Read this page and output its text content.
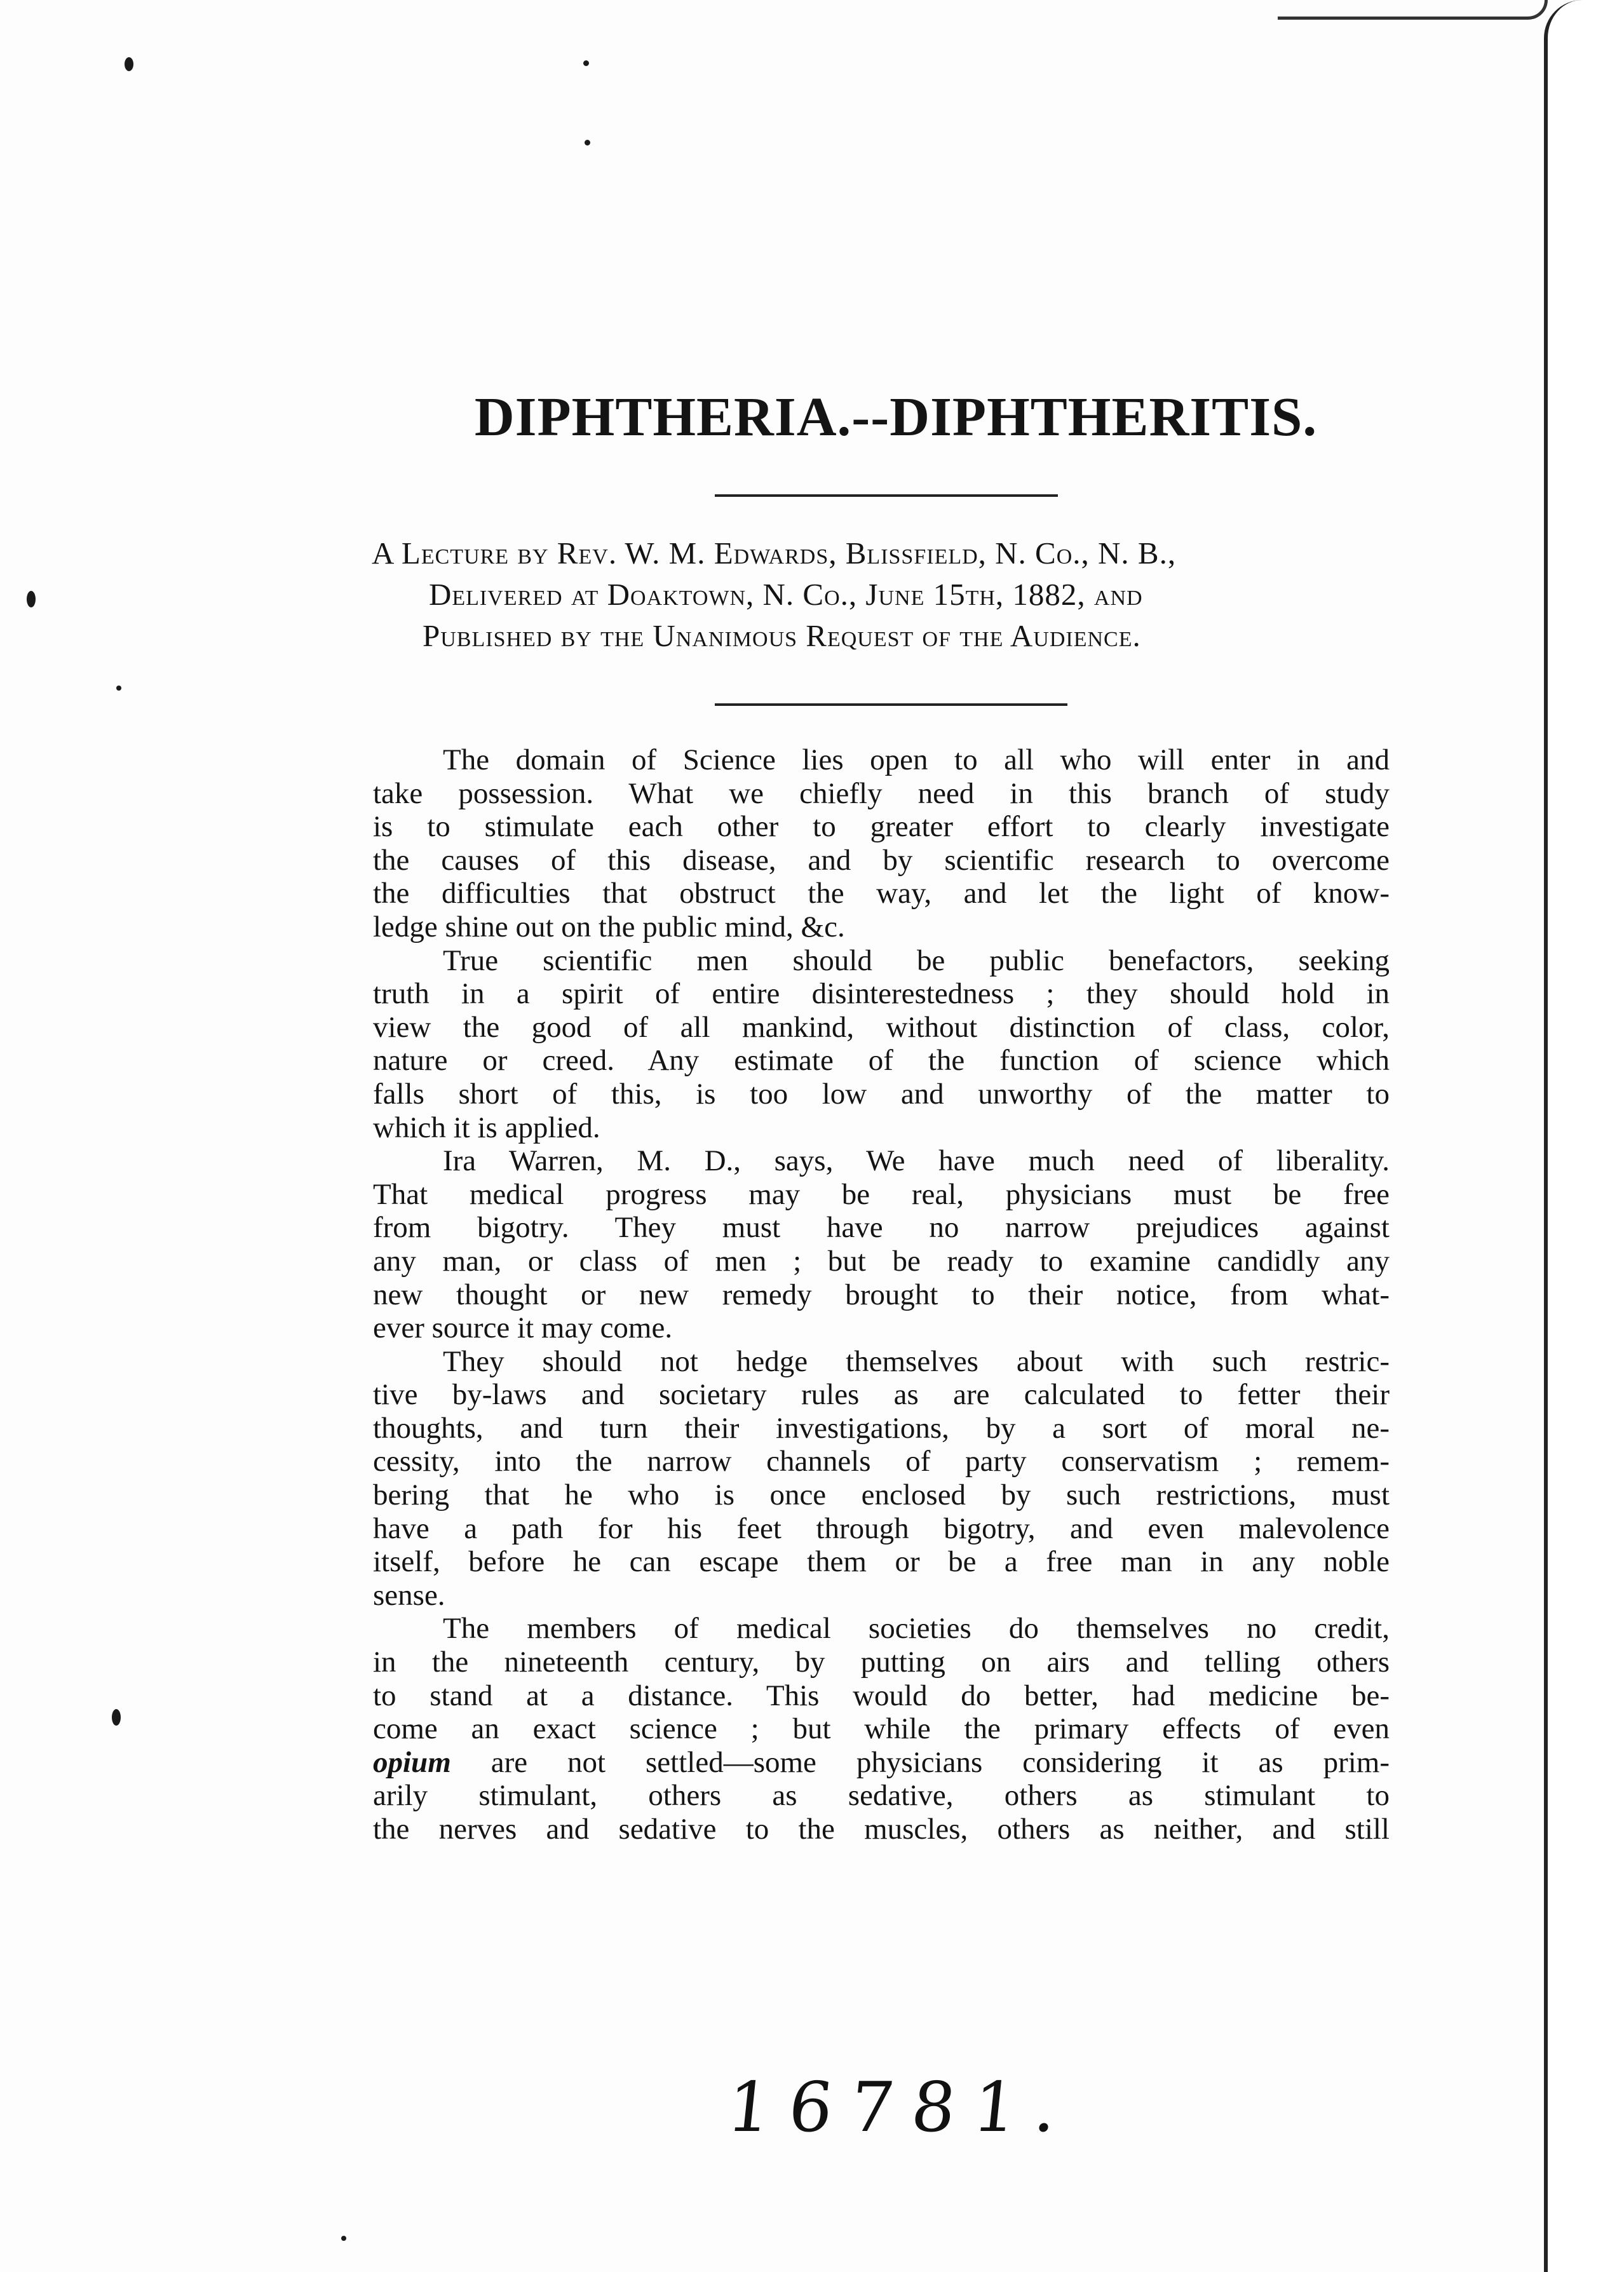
DIPHTHERIA.--DIPHTHERITIS.
A Lecture by Rev. W. M. Edwards, Blissfield, N. Co., N. B.,
Delivered at Doaktown, N. Co., June 15th, 1882, and
Published by the Unanimous Request of the Audience.
The domain of Science lies open to all who will enter in and
take possession. What we chiefly need in this branch of study
is to stimulate each other to greater effort to clearly investigate
the causes of this disease, and by scientific research to overcome
the difficulties that obstruct the way, and let the light of know-
ledge shine out on the public mind, &c.
True scientific men should be public benefactors, seeking
truth in a spirit of entire disinterestedness ; they should hold in
view the good of all mankind, without distinction of class, color,
nature or creed. Any estimate of the function of science which
falls short of this, is too low and unworthy of the matter to
which it is applied.
Ira Warren, M. D., says, We have much need of liberality.
That medical progress may be real, physicians must be free
from bigotry. They must have no narrow prejudices against
any man, or class of men ; but be ready to examine candidly any
new thought or new remedy brought to their notice, from what-
ever source it may come.
They should not hedge themselves about with such restric-
tive by-laws and societary rules as are calculated to fetter their
thoughts, and turn their investigations, by a sort of moral ne-
cessity, into the narrow channels of party conservatism ; remem-
bering that he who is once enclosed by such restrictions, must
have a path for his feet through bigotry, and even malevolence
itself, before he can escape them or be a free man in any noble
sense.
The members of medical societies do themselves no credit,
in the nineteenth century, by putting on airs and telling others
to stand at a distance. This would do better, had medicine be-
come an exact science ; but while the primary effects of even
opium are not settled—some physicians considering it as prim-
arily stimulant, others as sedative, others as stimulant to
the nerves and sedative to the muscles, others as neither, and still
16781.
